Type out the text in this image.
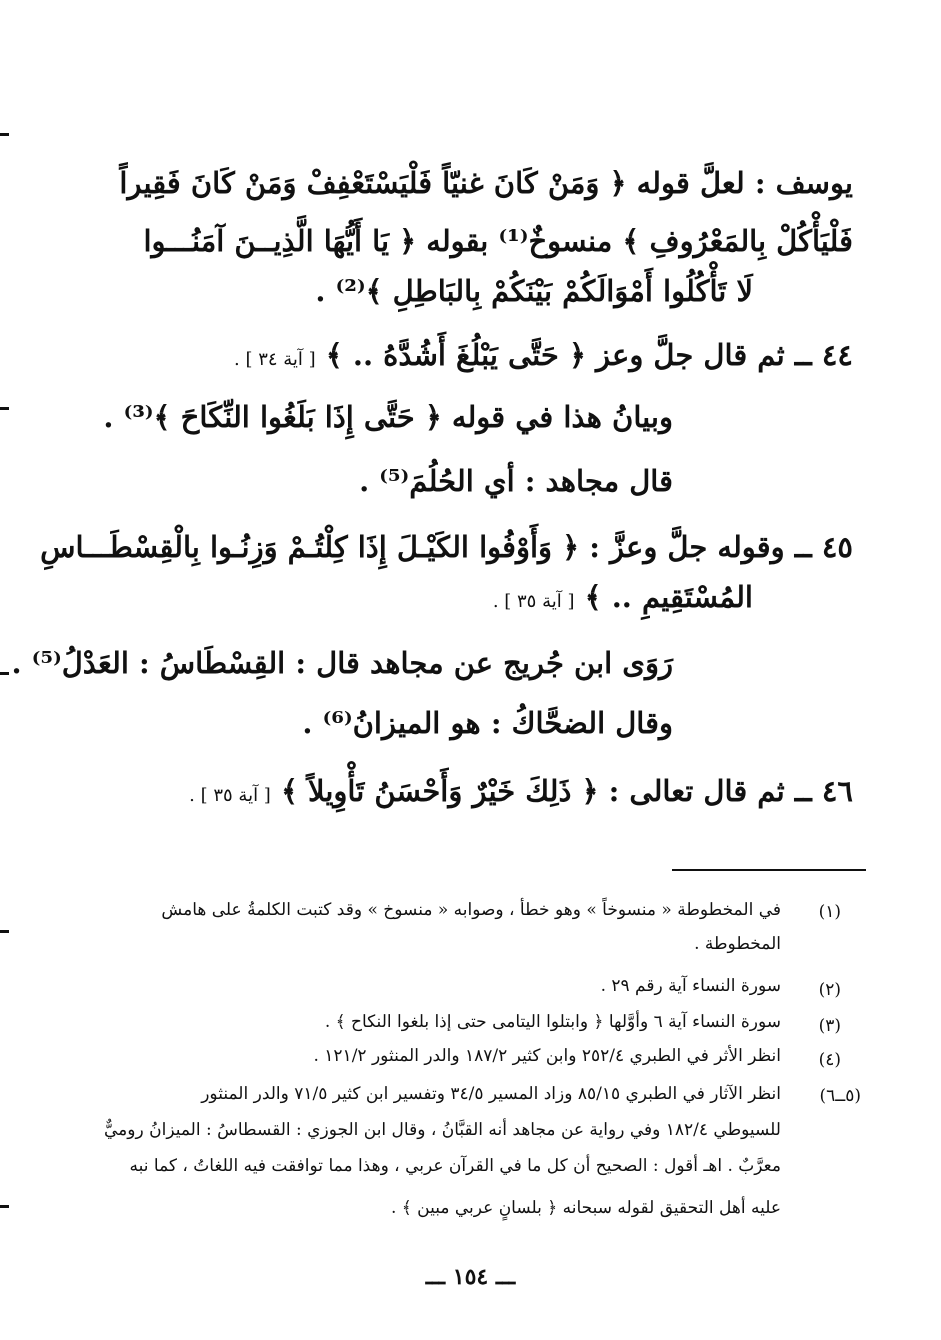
يوسف : لعلَّ قوله ﴿ وَمَنْ كَانَ غنيّاً فَلْيَسْتَعْفِفْ وَمَنْ كَانَ فَقِيراً
فَلْيَأْكُلْ بِالمَعْرُوفِ ﴾ منسوخٌ⁽¹⁾ بقوله ﴿ يَا أَيُّهَا الَّذِيــنَ آمَنُـــوا
لَا تَأْكُلُوا أَمْوَالَكُمْ بَيْنَكُمْ بِالبَاطِلِ ﴾⁽²⁾ .
٤٤ ــ ثم قال جلَّ وعز ﴿ حَتَّى يَبْلُغَ أَشُدَّهُ .. ﴾ [ آية ٣٤ ] .
وبيانُ هذا في قوله ﴿ حَتَّى إِذَا بَلَغُوا النِّكَاحَ ﴾⁽³⁾ .
قال مجاهد : أي الحُلُمَ⁽⁵⁾ .
٤٥ ــ وقوله جلَّ وعزَّ : ﴿ وَأَوْفُوا الكَيْـلَ إِذَا كِلْتُـمْ وَزِنُـوا بِالْقِسْطَـــاسِ
المُسْتَقِيمِ .. ﴾ [ آية ٣٥ ] .
رَوَى ابن جُريج عن مجاهد قال : القِسْطَاسُ : العَدْلُ⁽⁵⁾ .
وقال الضحَّاكُ : هو الميزانُ⁽⁶⁾ .
٤٦ ــ ثم قال تعالى : ﴿ ذَلِكَ خَيْرٌ وَأَحْسَنُ تَأْوِيلاً ﴾ [ آية ٣٥ ] .
(١)
في المخطوطة « منسوخاً » وهو خطأ ، وصوابه « منسوخ » وقد كتبت الكلمةُ على هامش
المخطوطة .
(٢)
سورة النساء آية رقم ٢٩ .
(٣)
سورة النساء آية ٦ وأوَّلها ﴿ وابتلوا اليتامى حتى إذا بلغوا النكاح ﴾ .
(٤)
انظر الأثر في الطبري ٢٥٢/٤ وابن كثير ١٨٧/٢ والدر المنثور ١٢١/٢ .
(٥ــ٦)
انظر الآثار في الطبري ٨٥/١٥ وزاد المسير ٣٤/٥ وتفسير ابن كثير ٧١/٥ والدر المنثور
للسيوطي ١٨٢/٤ وفي رواية عن مجاهد أنه القبَّانُ ، وقال ابن الجوزي : القسطاسُ : الميزانُ روميٌّ
معرَّبٌ . اهـ أقول : الصحيح أن كل ما في القرآن عربي ، وهذا مما توافقت فيه اللغاتُ ، كما نبه
عليه أهل التحقيق لقوله سبحانه ﴿ بلسانٍ عربي مبين ﴾ .
ـــ ١٥٤ ـــ
